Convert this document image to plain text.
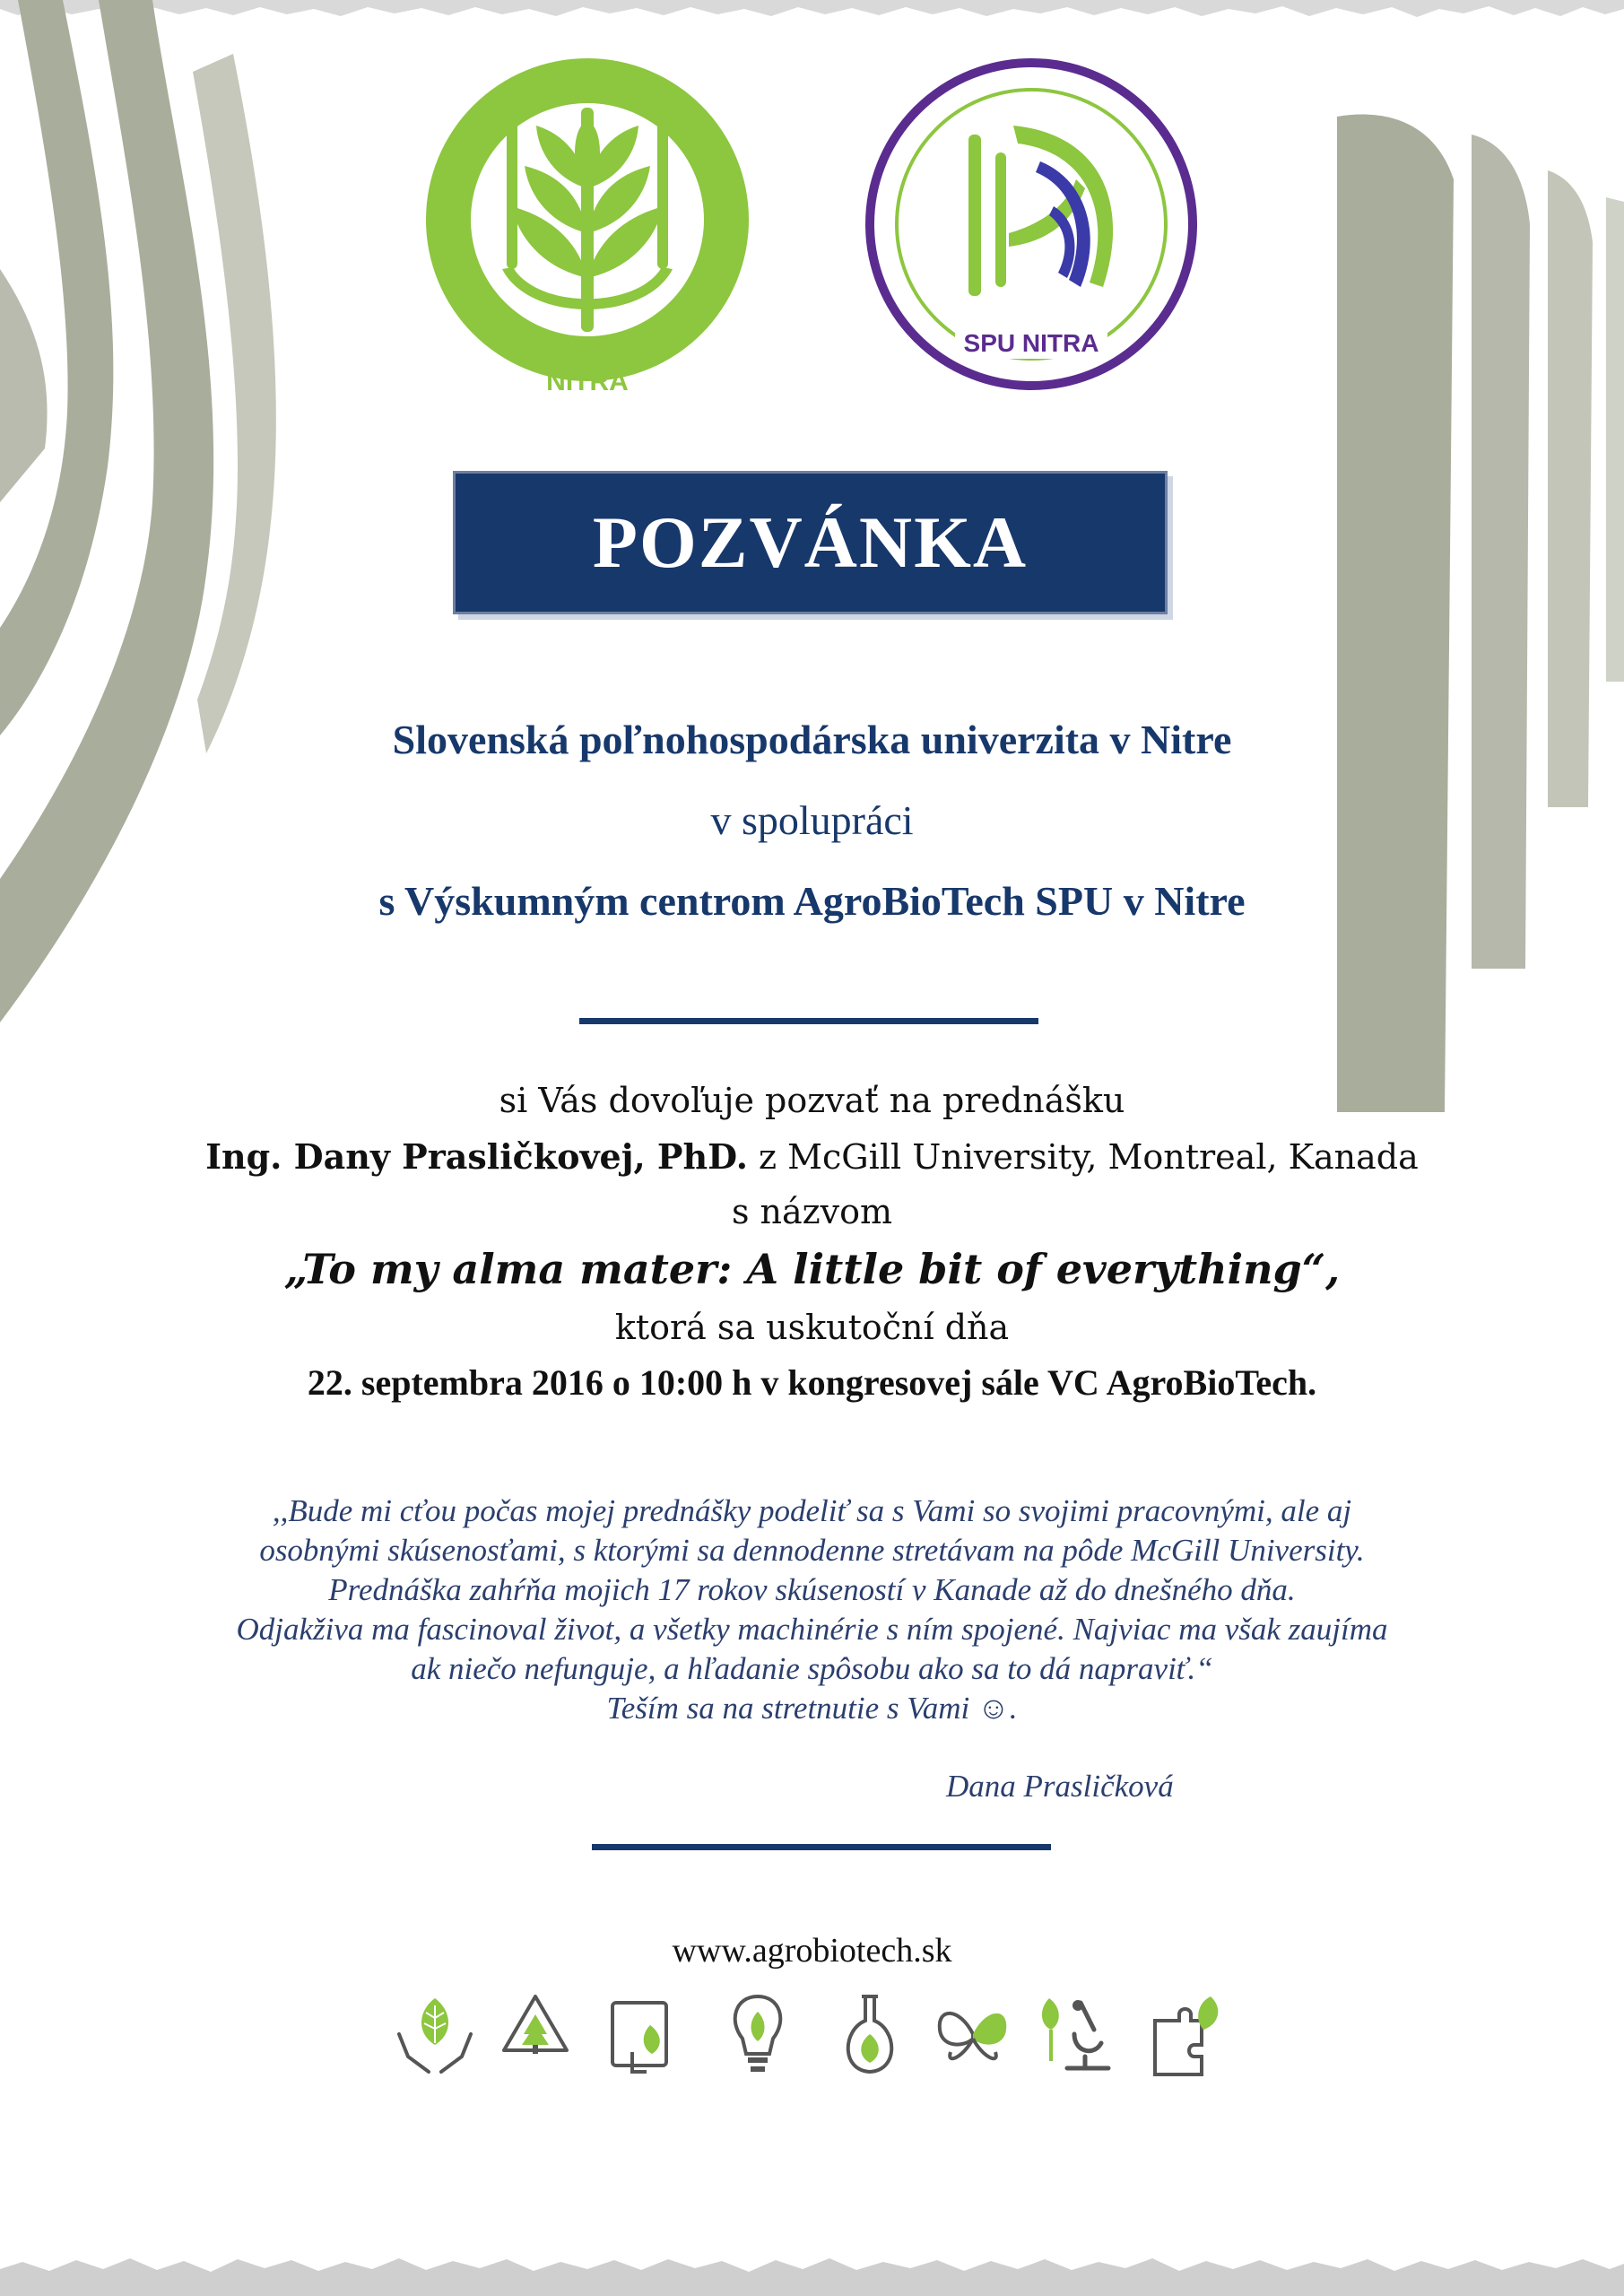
NITRA
SPU NITRA
POZVÁNKA
Slovenská poľnohospodárska univerzita v Nitre
v spolupráci
s Výskumným centrom AgroBioTech SPU v Nitre
si Vás dovoľuje pozvať na prednášku
Ing. Dany Prasličkovej, PhD. z McGill University, Montreal, Kanada
s názvom
„To my alma mater: A little bit of everything“,
ktorá sa uskutoční dňa
22. septembra 2016 o 10:00 h v kongresovej sále VC AgroBioTech.
,,Bude mi cťou počas mojej prednášky podeliť sa s Vami so svojimi pracovnými, ale aj
osobnými skúsenosťami, s ktorými sa dennodenne stretávam na pôde McGill University.
Prednáška zahŕňa mojich 17 rokov skúseností v Kanade až do dnešného dňa.
Odjakživa ma fascinoval život, a všetky machinérie s ním spojené. Najviac ma však zaujíma
ak niečo nefunguje, a hľadanie spôsobu ako sa to dá napraviť.“
Teším sa na stretnutie s Vami ☺.
Dana Prasličková
www.agrobiotech.sk
